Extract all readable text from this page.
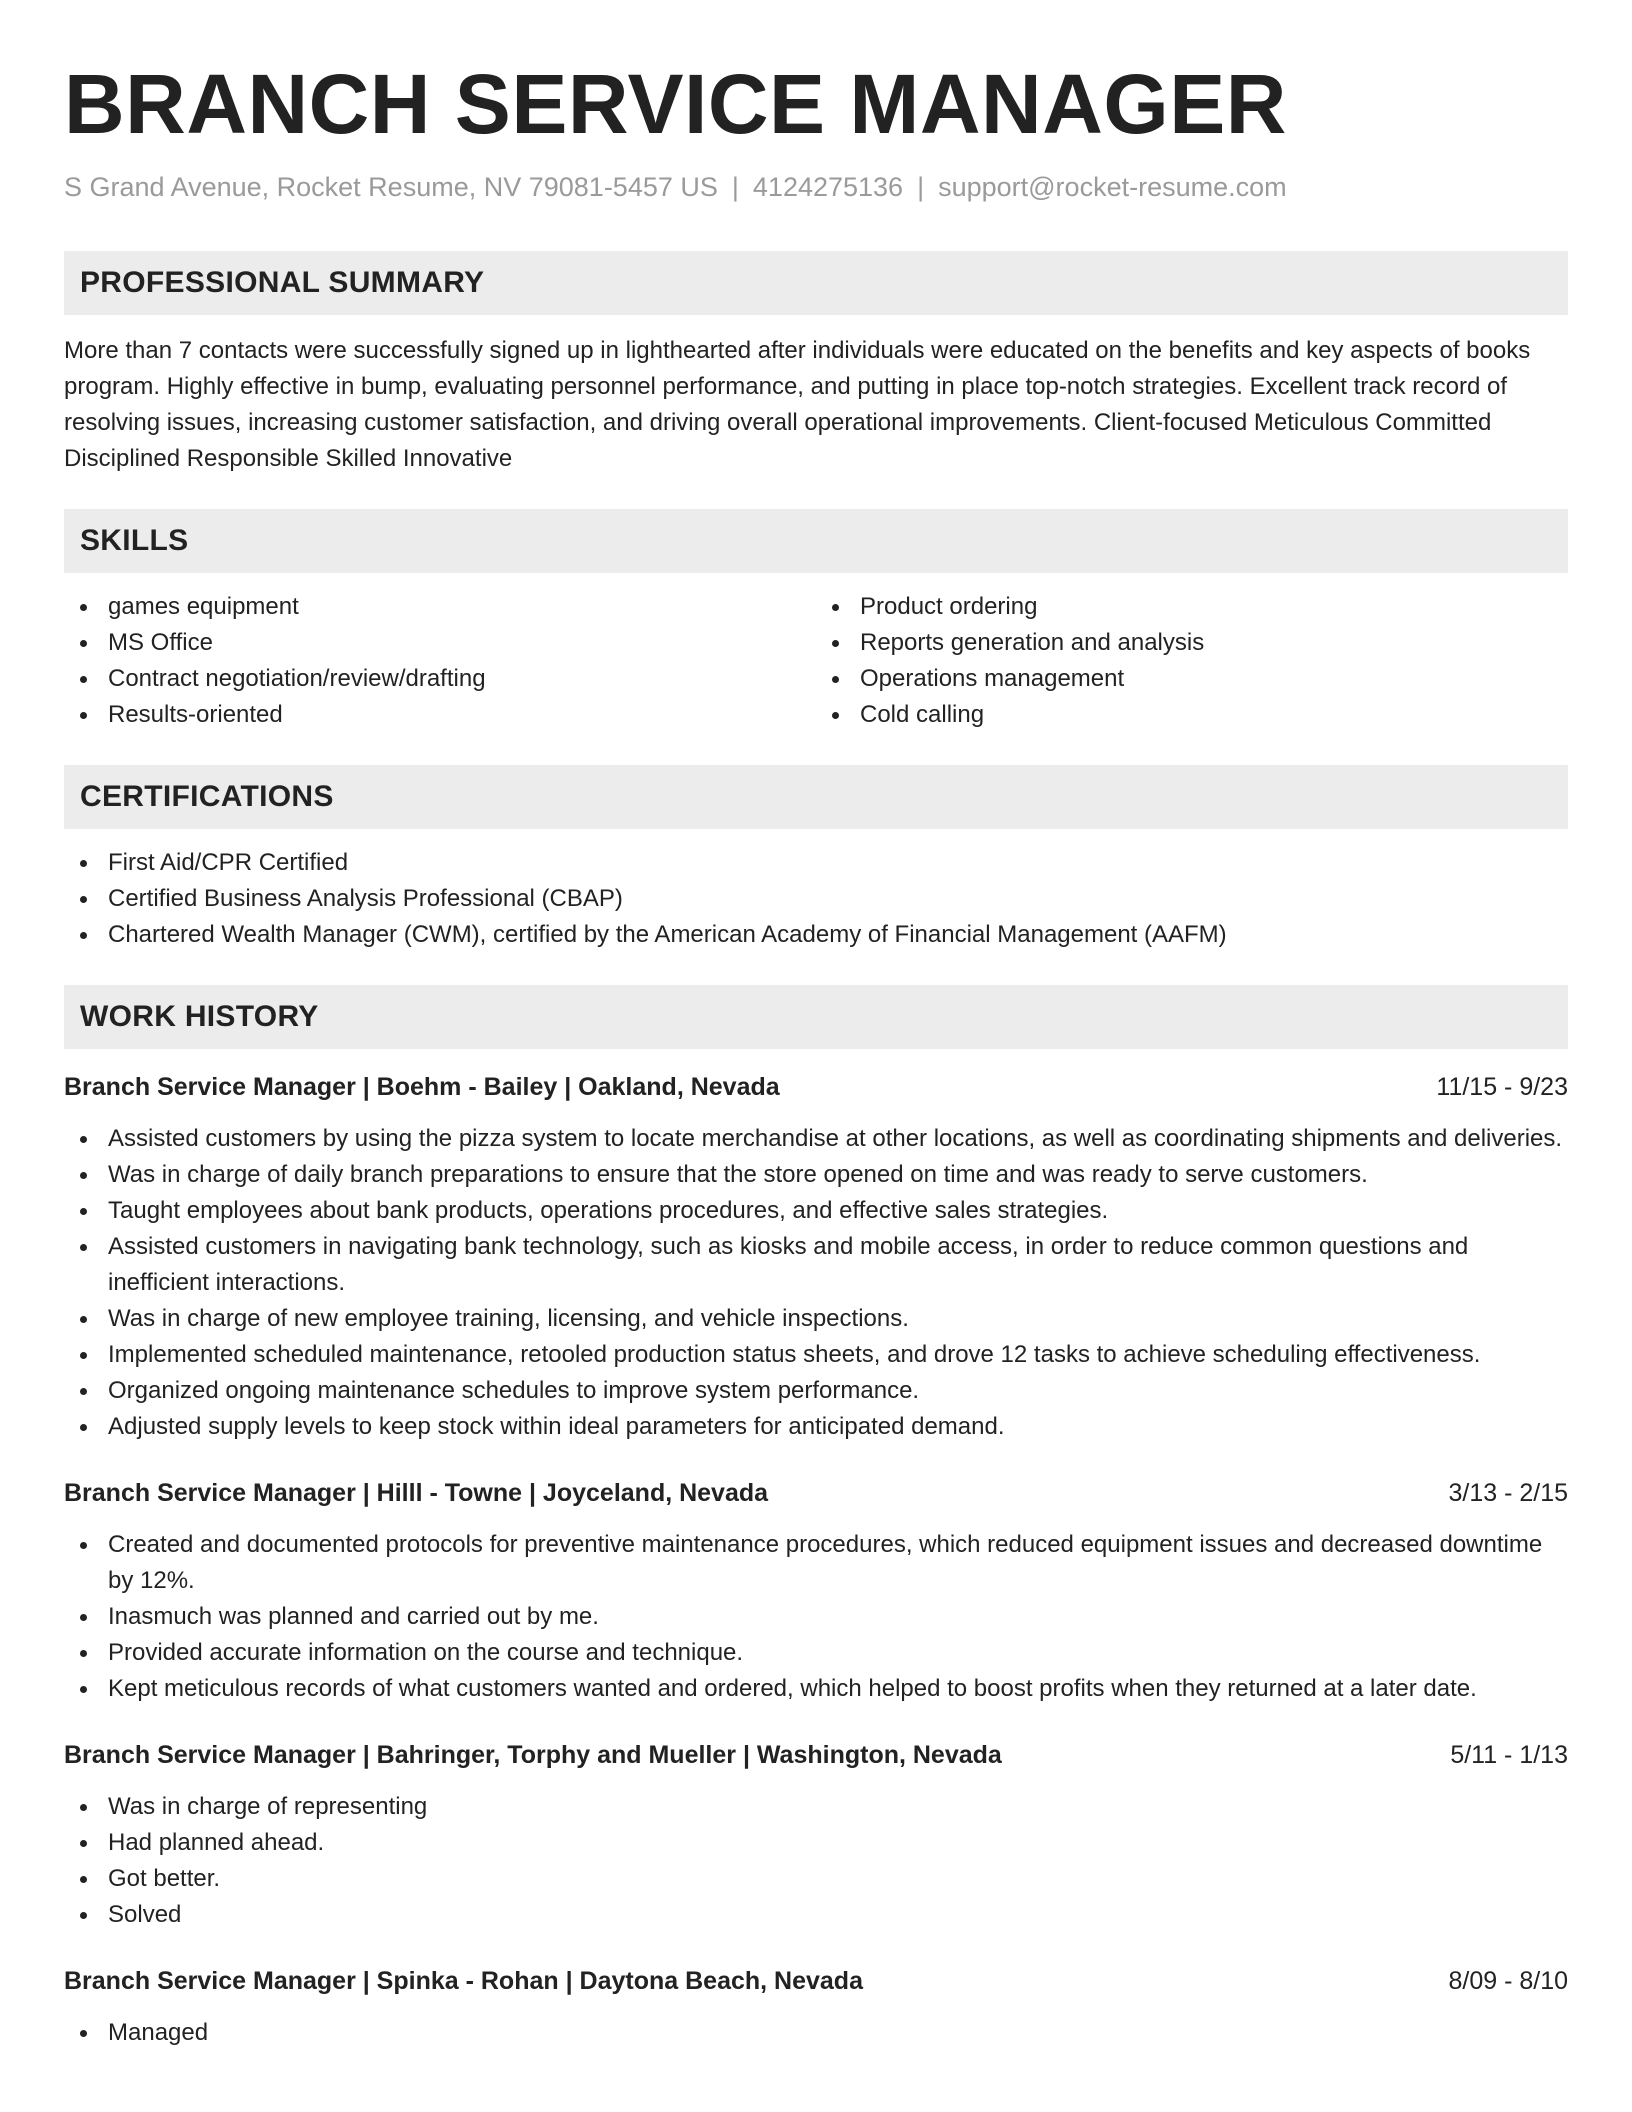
BRANCH SERVICE MANAGER
S Grand Avenue, Rocket Resume, NV 79081-5457 US | 4124275136 | support@rocket-resume.com
PROFESSIONAL SUMMARY

More than 7 contacts were successfully signed up in lighthearted after individuals were educated on the benefits and key aspects of books program. Highly effective in bump, evaluating personnel performance, and putting in place top-notch strategies. Excellent track record of resolving issues, increasing customer satisfaction, and driving overall operational improvements. Client-focused Meticulous Committed Disciplined Responsible Skilled Innovative

SKILLS
games equipment
MS Office
Contract negotiation/review/drafting
Results-oriented
Product ordering
Reports generation and analysis
Operations management
Cold calling
CERTIFICATIONS
First Aid/CPR Certified
Certified Business Analysis Professional (CBAP)
Chartered Wealth Manager (CWM), certified by the American Academy of Financial Management (AAFM)
WORK HISTORY
Branch Service Manager | Boehm - Bailey | Oakland, Nevada	11/15 - 9/23
Assisted customers by using the pizza system to locate merchandise at other locations, as well as coordinating shipments and deliveries.
Was in charge of daily branch preparations to ensure that the store opened on time and was ready to serve customers.
Taught employees about bank products, operations procedures, and effective sales strategies.
Assisted customers in navigating bank technology, such as kiosks and mobile access, in order to reduce common questions and inefficient interactions.
Was in charge of new employee training, licensing, and vehicle inspections.
Implemented scheduled maintenance, retooled production status sheets, and drove 12 tasks to achieve scheduling effectiveness.
Organized ongoing maintenance schedules to improve system performance.
Adjusted supply levels to keep stock within ideal parameters for anticipated demand.
Branch Service Manager | Hilll - Towne | Joyceland, Nevada	3/13 - 2/15
Created and documented protocols for preventive maintenance procedures, which reduced equipment issues and decreased downtime by 12%.
Inasmuch was planned and carried out by me.
Provided accurate information on the course and technique.
Kept meticulous records of what customers wanted and ordered, which helped to boost profits when they returned at a later date.
Branch Service Manager | Bahringer, Torphy and Mueller | Washington, Nevada	5/11 - 1/13
Was in charge of representing
Had planned ahead.
Got better.
Solved
Branch Service Manager | Spinka - Rohan | Daytona Beach, Nevada	8/09 - 8/10
Managed
